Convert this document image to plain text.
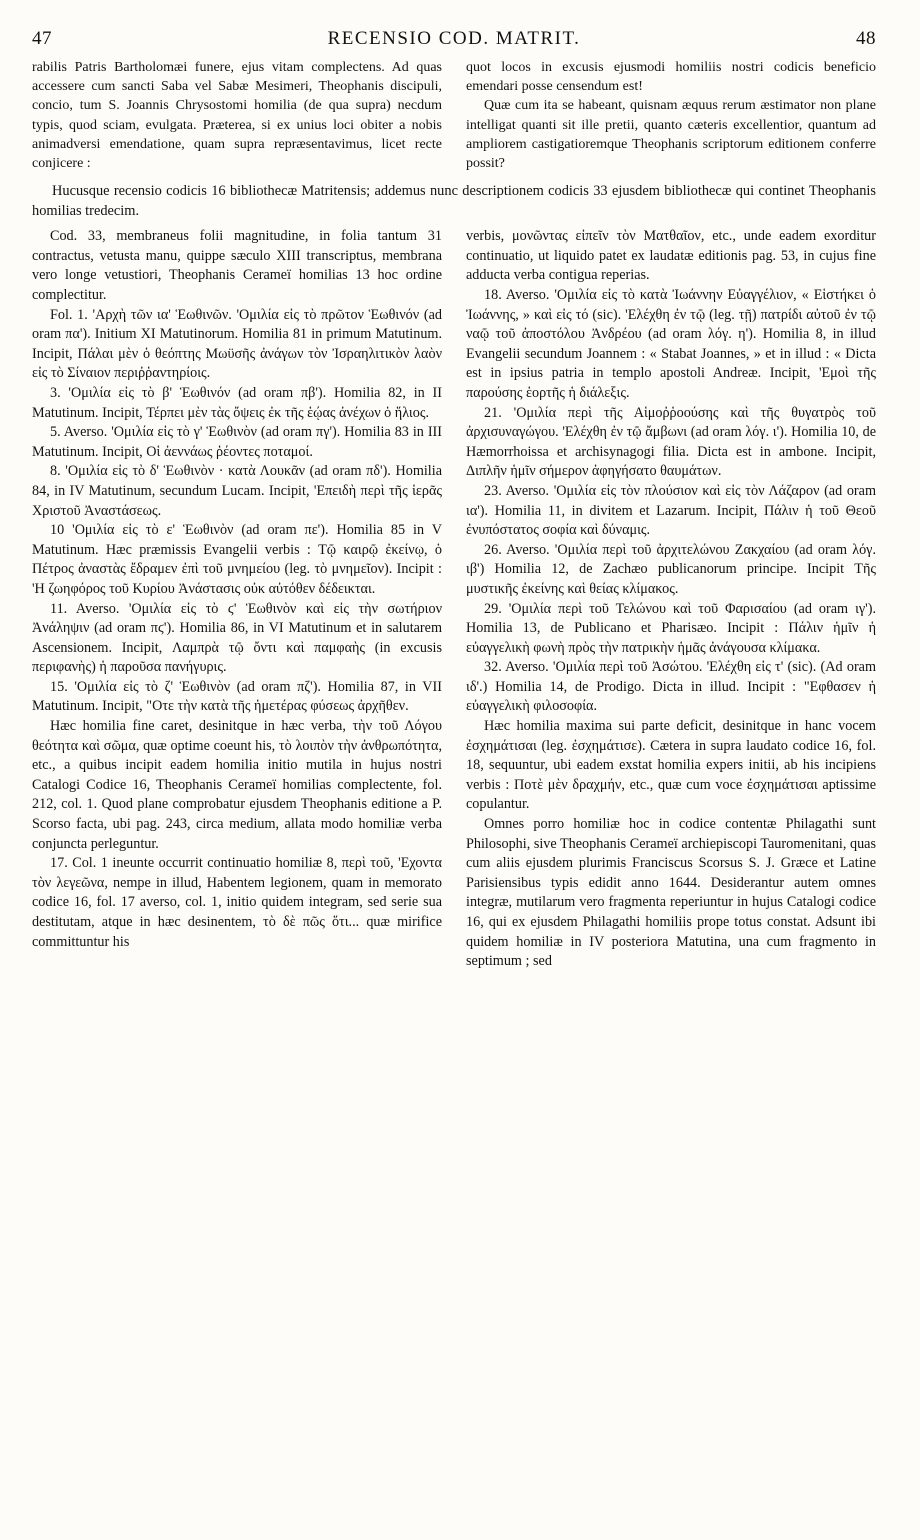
47	RECENSIO COD. MATRIT.	48

rabilis Patris Bartholomæi funere, ejus vitam complectens. Ad quas accessere cum sancti Saba vel Sabæ Mesimeri, Theophanis discipuli, concio, tum S. Joannis Chrysostomi homilia (de qua supra) necdum typis, quod sciam, evulgata. Præterea, si ex unius loci obiter a nobis animadversi emendatione, quam supra repræsentavimus, licet recte conjicere :

quot locos in excusis ejusmodi homiliis nostri codicis beneficio emendari posse censendum est!

Quæ cum ita se habeant, quisnam æquus rerum æstimator non plane intelligat quanti sit ille pretii, quanto cæteris excellentior, quantum ad ampliorem castigatioremque Theophanis scriptorum editionem conferre possit?

Hucusque recensio codicis 16 bibliothecæ Matritensis; addemus nunc descriptionem codicis 33 ejusdem bibliothecæ qui continet Theophanis homilias tredecim.

Cod. 33, membraneus folii magnitudine, in folia tantum 31 contractus, vetusta manu, quippe sæculo XIII transcriptus, membrana vero longe vetustiori, Theophanis Cerameï homilias 13 hoc ordine complectitur.

Fol. 1. 'Αρχὴ τῶν ια' Ἑωθινῶν. 'Ομιλία εἰς τὸ πρῶτον Ἑωθινόν (ad oram πα'). Initium XI Matutinorum. Homilia 81 in primum Matutinum. Incipit, Πάλαι μὲν ὁ θεόπτης Μωϋσῆς ἀνάγων τὸν Ἰσραηλιτικὸν λαὸν εἰς τὸ Σίναιον περιῤῥαντηρίοις.

3. 'Ομιλία εἰς τὸ β' Ἑωθινόν (ad oram πβ'). Homilia 82, in II Matutinum. Incipit, Τέρπει μὲν τὰς ὄψεις ἐκ τῆς ἑῴας ἀνέχων ὁ ἥλιος.

5. Averso. 'Ομιλία εἰς τὸ γ' Ἑωθινὸν (ad oram πγ'). Homilia 83 in III Matutinum. Incipit, Οἱ ἀεννάως ῥέοντες ποταμοί.

8. 'Ομιλία εἰς τὸ δ' Ἑωθινὸν · κατὰ Λουκᾶν (ad oram πδ'). Homilia 84, in IV Matutinum, secundum Lucam. Incipit, 'Επειδὴ περὶ τῆς ἱερᾶς Χριστοῦ Ἀναστάσεως.

10 'Ομιλία εἰς τὸ ε' Ἑωθινὸν (ad oram πε'). Homilia 85 in V Matutinum. Hæc præmissis Evangelii verbis : Τῷ καιρῷ ἐκείνῳ, ὁ Πέτρος ἀναστὰς ἔδραμεν ἐπὶ τοῦ μνημείου (leg. τὸ μνημεῖον). Incipit : 'Η ζωηφόρος τοῦ Κυρίου Ἀνάστασις οὐκ αὐτόθεν δέδεικται.

11. Averso. 'Ομιλία εἰς τὸ ϛ' Ἑωθινὸν καὶ εἰς τὴν σωτήριον Ἀνάληψιν (ad oram πϛ'). Homilia 86, in VI Matutinum et in salutarem Ascensionem. Incipit, Λαμπρὰ τῷ ὄντι καὶ παμφαὴς (in excusis περιφανὴς) ἡ παροῦσα πανήγυρις.

15. 'Ομιλία εἰς τὸ ζ' Ἑωθινὸν (ad oram πζ'). Homilia 87, in VII Matutinum. Incipit, "Οτε τὴν κατὰ τῆς ἡμετέρας φύσεως ἀρχῆθεν.

Hæc homilia fine caret, desinitque in hæc verba, τὴν τοῦ Λόγου θεότητα καὶ σῶμα, quæ optime coeunt his, τὸ λοιπὸν τὴν ἀνθρωπότητα, etc., a quibus incipit eadem homilia initio mutila in hujus nostri Catalogi Codice 16, Theophanis Cerameï homilias complectente, fol. 212, col. 1. Quod plane comprobatur ejusdem Theophanis editione a P. Scorso facta, ubi pag. 243, circa medium, allata modo homiliæ verba conjuncta perleguntur.

17. Col. 1 ineunte occurrit continuatio homiliæ 8, περὶ τοῦ, 'Εχοντα τὸν λεγεῶνα, nempe in illud, Habentem legionem, quam in memorato codice 16, fol. 17 averso, col. 1, initio quidem integram, sed serie sua destitutam, atque in hæc desinentem, τὸ δὲ πῶς ὅτι... quæ mirifice committuntur his

verbis, μονῶντας εἰπεῖν τὸν Ματθαῖον, etc., unde eadem exorditur continuatio, ut liquido patet ex laudatæ editionis pag. 53, in cujus fine adducta verba contigua reperias.

18. Averso. 'Ομιλία εἰς τὸ κατὰ Ἰωάννην Εὐαγγέλιον, « Εἱστήκει ὁ Ἰωάννης, » καὶ εἰς τό (sic). 'Ελέχθη ἐν τῷ (leg. τῇ) πατρίδι αὐτοῦ ἐν τῷ ναῷ τοῦ ἀποστόλου Ἀνδρέου (ad oram λόγ. η'). Homilia 8, in illud Evangelii secundum Joannem : « Stabat Joannes, » et in illud : « Dicta est in ipsius patria in templo apostoli Andreæ. Incipit, 'Εμοὶ τῆς παρούσης ἑορτῆς ἡ διάλεξις.

21. 'Ομιλία περὶ τῆς Αἱμοῤῥοούσης καὶ τῆς θυγατρὸς τοῦ ἀρχισυναγώγου. 'Ελέχθη ἐν τῷ ἄμβωνι (ad oram λόγ. ι'). Homilia 10, de Hæmorrhoissa et archisynagogi filia. Dicta est in ambone. Incipit, Διπλῆν ἡμῖν σήμερον ἀφηγήσατο θαυμάτων.

23. Averso. 'Ομιλία εἰς τὸν πλούσιον καὶ εἰς τὸν Λάζαρον (ad oram ια'). Homilia 11, in divitem et Lazarum. Incipit, Πάλιν ἡ τοῦ Θεοῦ ἐνυπόστατος σοφία καὶ δύναμις.

26. Averso. 'Ομιλία περὶ τοῦ ἀρχιτελώνου Ζακχαίου (ad oram λόγ. ιβ') Homilia 12, de Zachæo publicanorum principe. Incipit Τῆς μυστικῆς ἐκείνης καὶ θείας κλίμακος.

29. 'Ομιλία περὶ τοῦ Τελώνου καὶ τοῦ Φαρισαίου (ad oram ιγ'). Homilia 13, de Publicano et Pharisæo. Incipit : Πάλιν ἡμῖν ἡ εὐαγγελικὴ φωνὴ πρὸς τὴν πατρικὴν ἡμᾶς ἀνάγουσα κλίμακα.

32. Averso. 'Ομιλία περὶ τοῦ Ἀσώτου. 'Ελέχθη εἰς τ' (sic). (Ad oram ιδ'.) Homilia 14, de Prodigo. Dicta in illud. Incipit : "Εφθασεν ἡ εὐαγγελικὴ φιλοσοφία.

Hæc homilia maxima sui parte deficit, desinitque in hanc vocem ἐσχημάτισαι (leg. ἐσχημάτισε). Cætera in supra laudato codice 16, fol. 18, sequuntur, ubi eadem exstat homilia expers initii, ab his incipiens verbis : Ποτὲ μὲν δραχμήν, etc., quæ cum voce ἐσχημάτισαι aptissime copulantur.

Omnes porro homiliæ hoc in codice contentæ Philagathi sunt Philosophi, sive Theophanis Cerameï archiepiscopi Tauromenitani, quas cum aliis ejusdem plurimis Franciscus Scorsus S. J. Græce et Latine Parisiensibus typis edidit anno 1644. Desiderantur autem omnes integræ, mutilarum vero fragmenta reperiuntur in hujus Catalogi codice 16, qui ex ejusdem Philagathi homiliis prope totus constat. Adsunt ibi quidem homiliæ in IV posteriora Matutina, una cum fragmento in septimum ; sed
